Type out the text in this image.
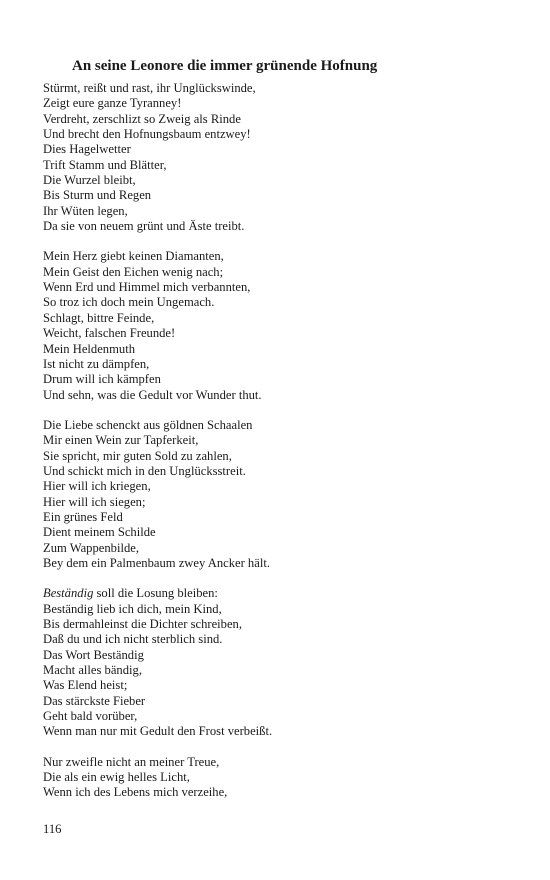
An seine Leonore die immer grünende Hofnung
Stürmt, reißt und rast, ihr Unglückswinde,
Zeigt eure ganze Tyranney!
Verdreht, zerschlizt so Zweig als Rinde
Und brecht den Hofnungsbaum entzwey!
Dies Hagelwetter
Trift Stamm und Blätter,
Die Wurzel bleibt,
Bis Sturm und Regen
Ihr Wüten legen,
Da sie von neuem grünt und Äste treibt.
Mein Herz giebt keinen Diamanten,
Mein Geist den Eichen wenig nach;
Wenn Erd und Himmel mich verbannten,
So troz ich doch mein Ungemach.
Schlagt, bittre Feinde,
Weicht, falschen Freunde!
Mein Heldenmuth
Ist nicht zu dämpfen,
Drum will ich kämpfen
Und sehn, was die Gedult vor Wunder thut.
Die Liebe schenckt aus göldnen Schaalen
Mir einen Wein zur Tapferkeit,
Sie spricht, mir guten Sold zu zahlen,
Und schickt mich in den Unglücksstreit.
Hier will ich kriegen,
Hier will ich siegen;
Ein grünes Feld
Dient meinem Schilde
Zum Wappenbilde,
Bey dem ein Palmenbaum zwey Ancker hält.
Beständig soll die Losung bleiben:
Beständig lieb ich dich, mein Kind,
Bis dermahleinst die Dichter schreiben,
Daß du und ich nicht sterblich sind.
Das Wort Beständig
Macht alles bändig,
Was Elend heist;
Das stärckste Fieber
Geht bald vorüber,
Wenn man nur mit Gedult den Frost verbeißt.
Nur zweifle nicht an meiner Treue,
Die als ein ewig helles Licht,
Wenn ich des Lebens mich verzeihe,
116
